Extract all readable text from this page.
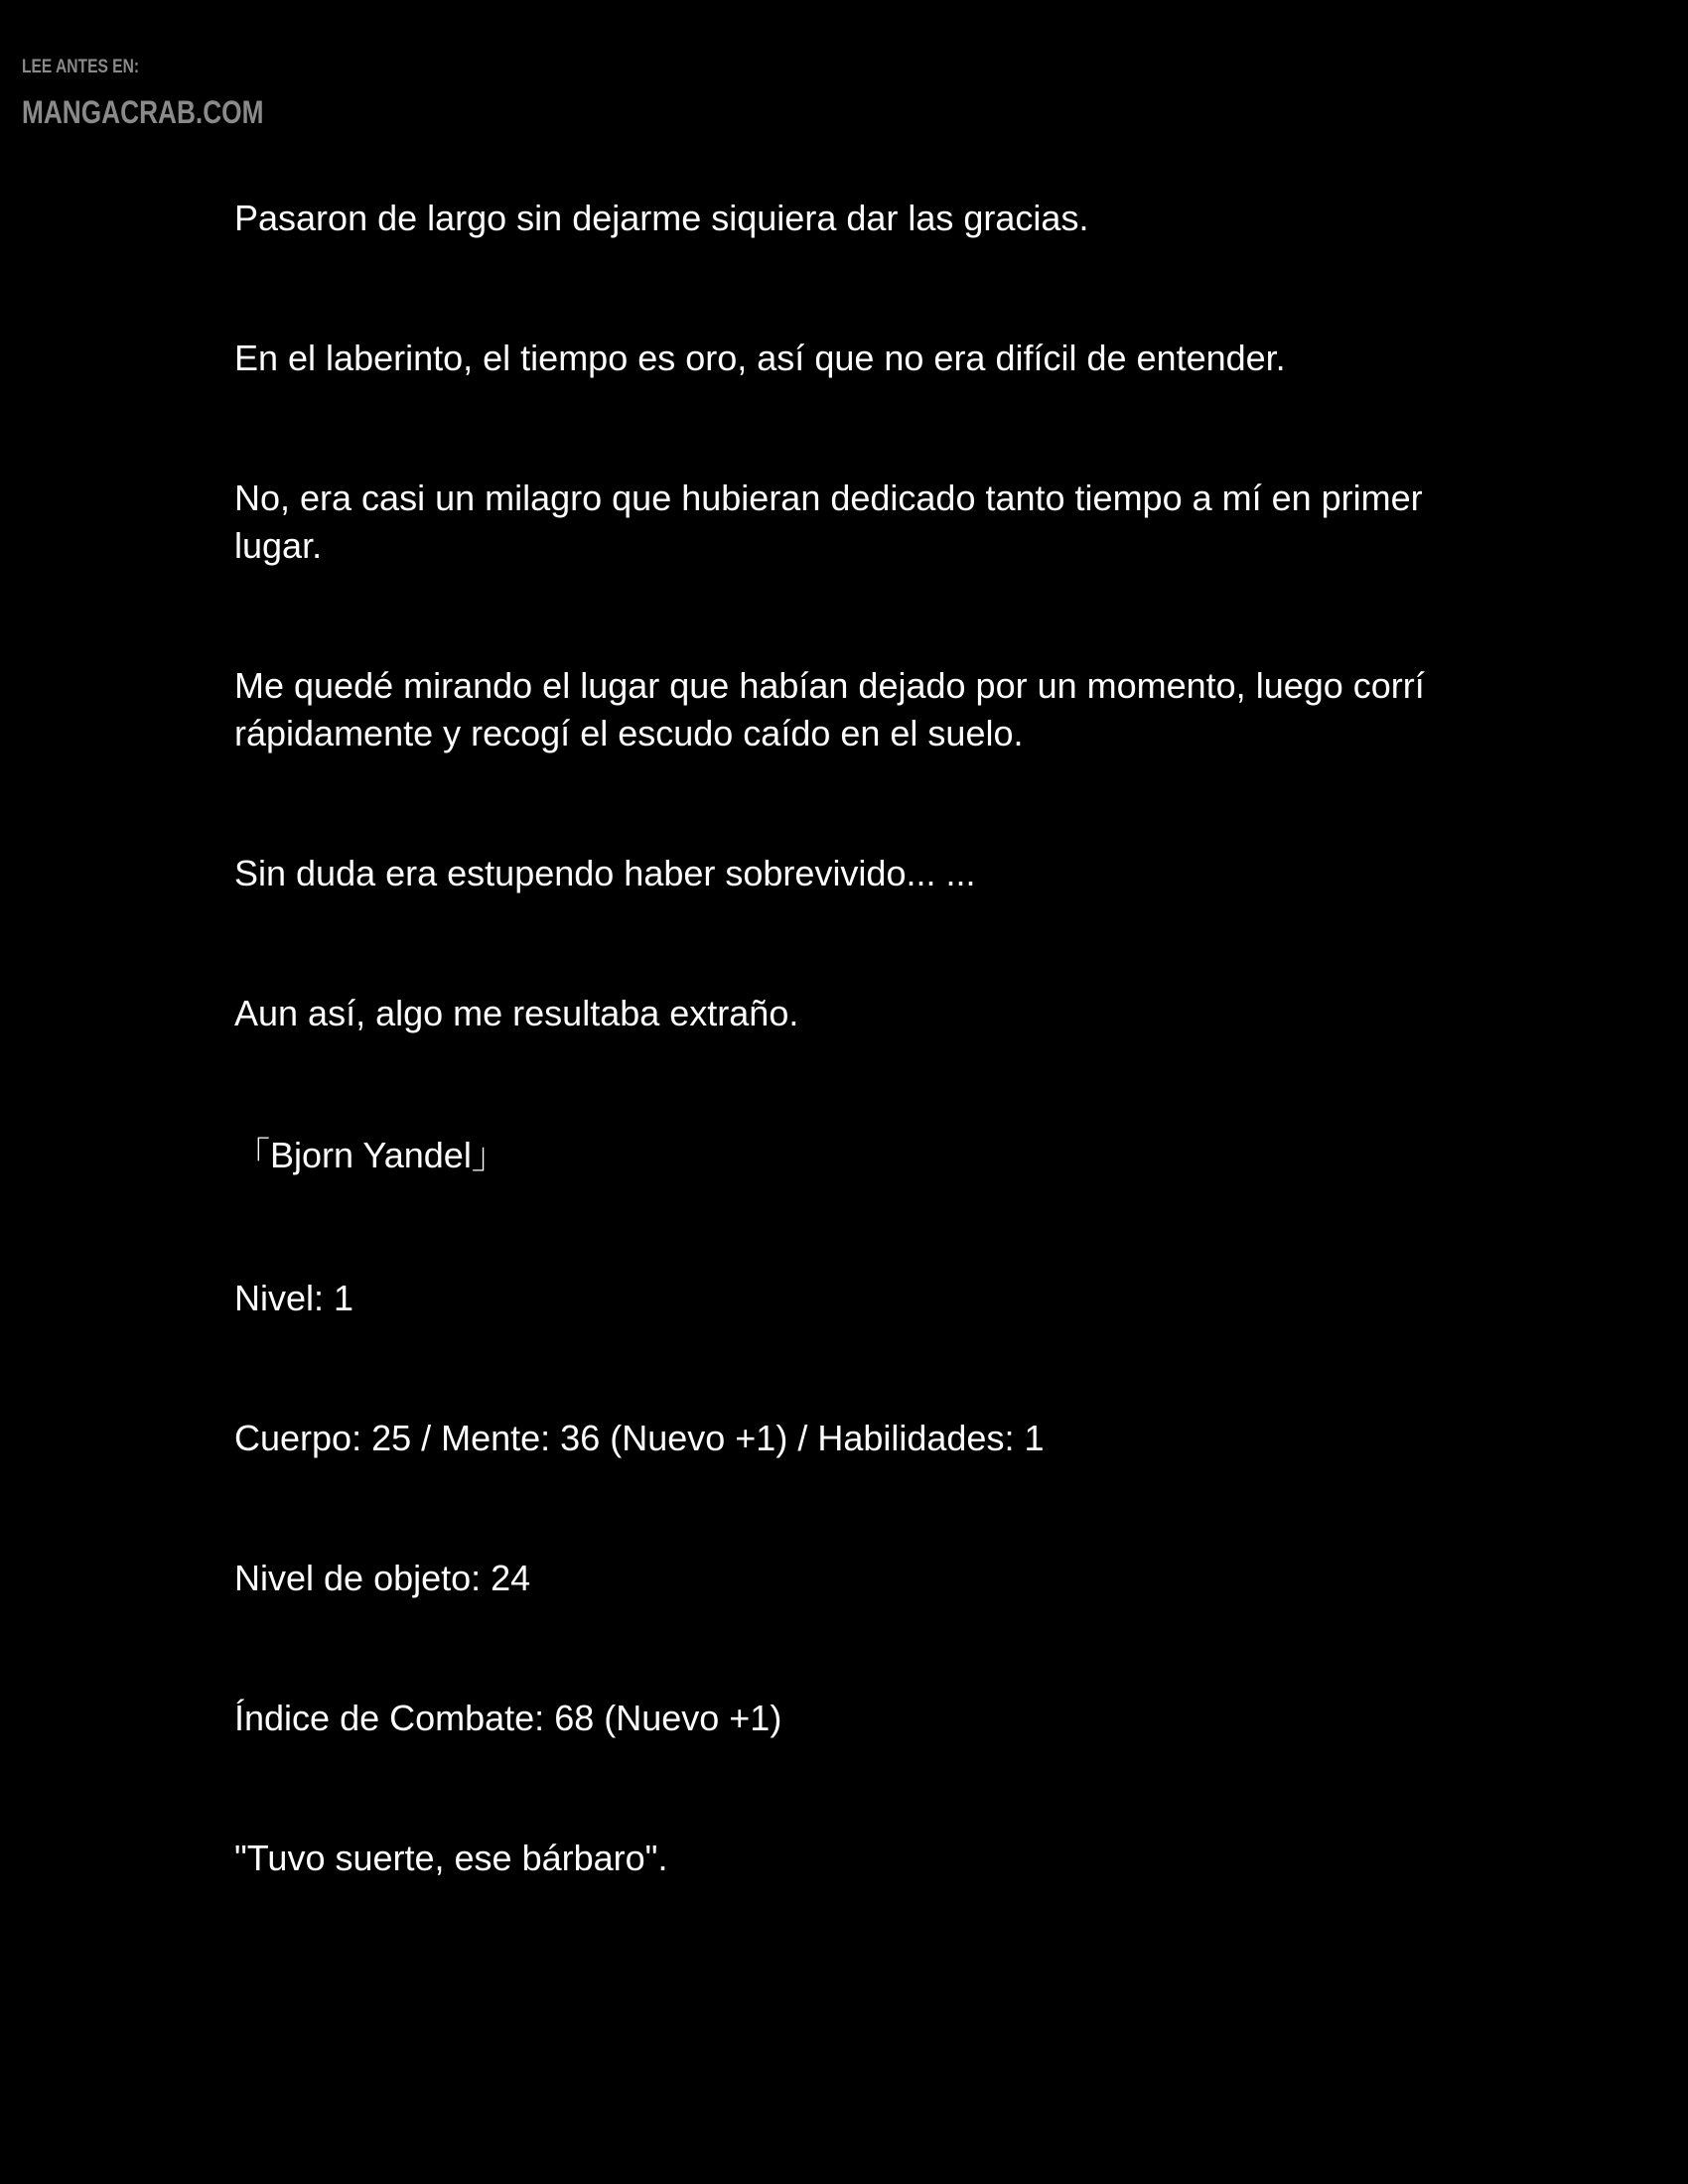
LEE ANTES EN:
MANGACRAB.COM

Pasaron de largo sin dejarme siquiera dar las gracias.

En el laberinto, el tiempo es oro, así que no era difícil de entender.

No, era casi un milagro que hubieran dedicado tanto tiempo a mí en primer lugar.

Me quedé mirando el lugar que habían dejado por un momento, luego corrí rápidamente y recogí el escudo caído en el suelo.

Sin duda era estupendo haber sobrevivido... ...

Aun así, algo me resultaba extraño.

「Bjorn Yandel」

Nivel: 1

Cuerpo: 25 / Mente: 36 (Nuevo +1) / Habilidades: 1

Nivel de objeto: 24

Índice de Combate: 68 (Nuevo +1)

"Tuvo suerte, ese bárbaro".
